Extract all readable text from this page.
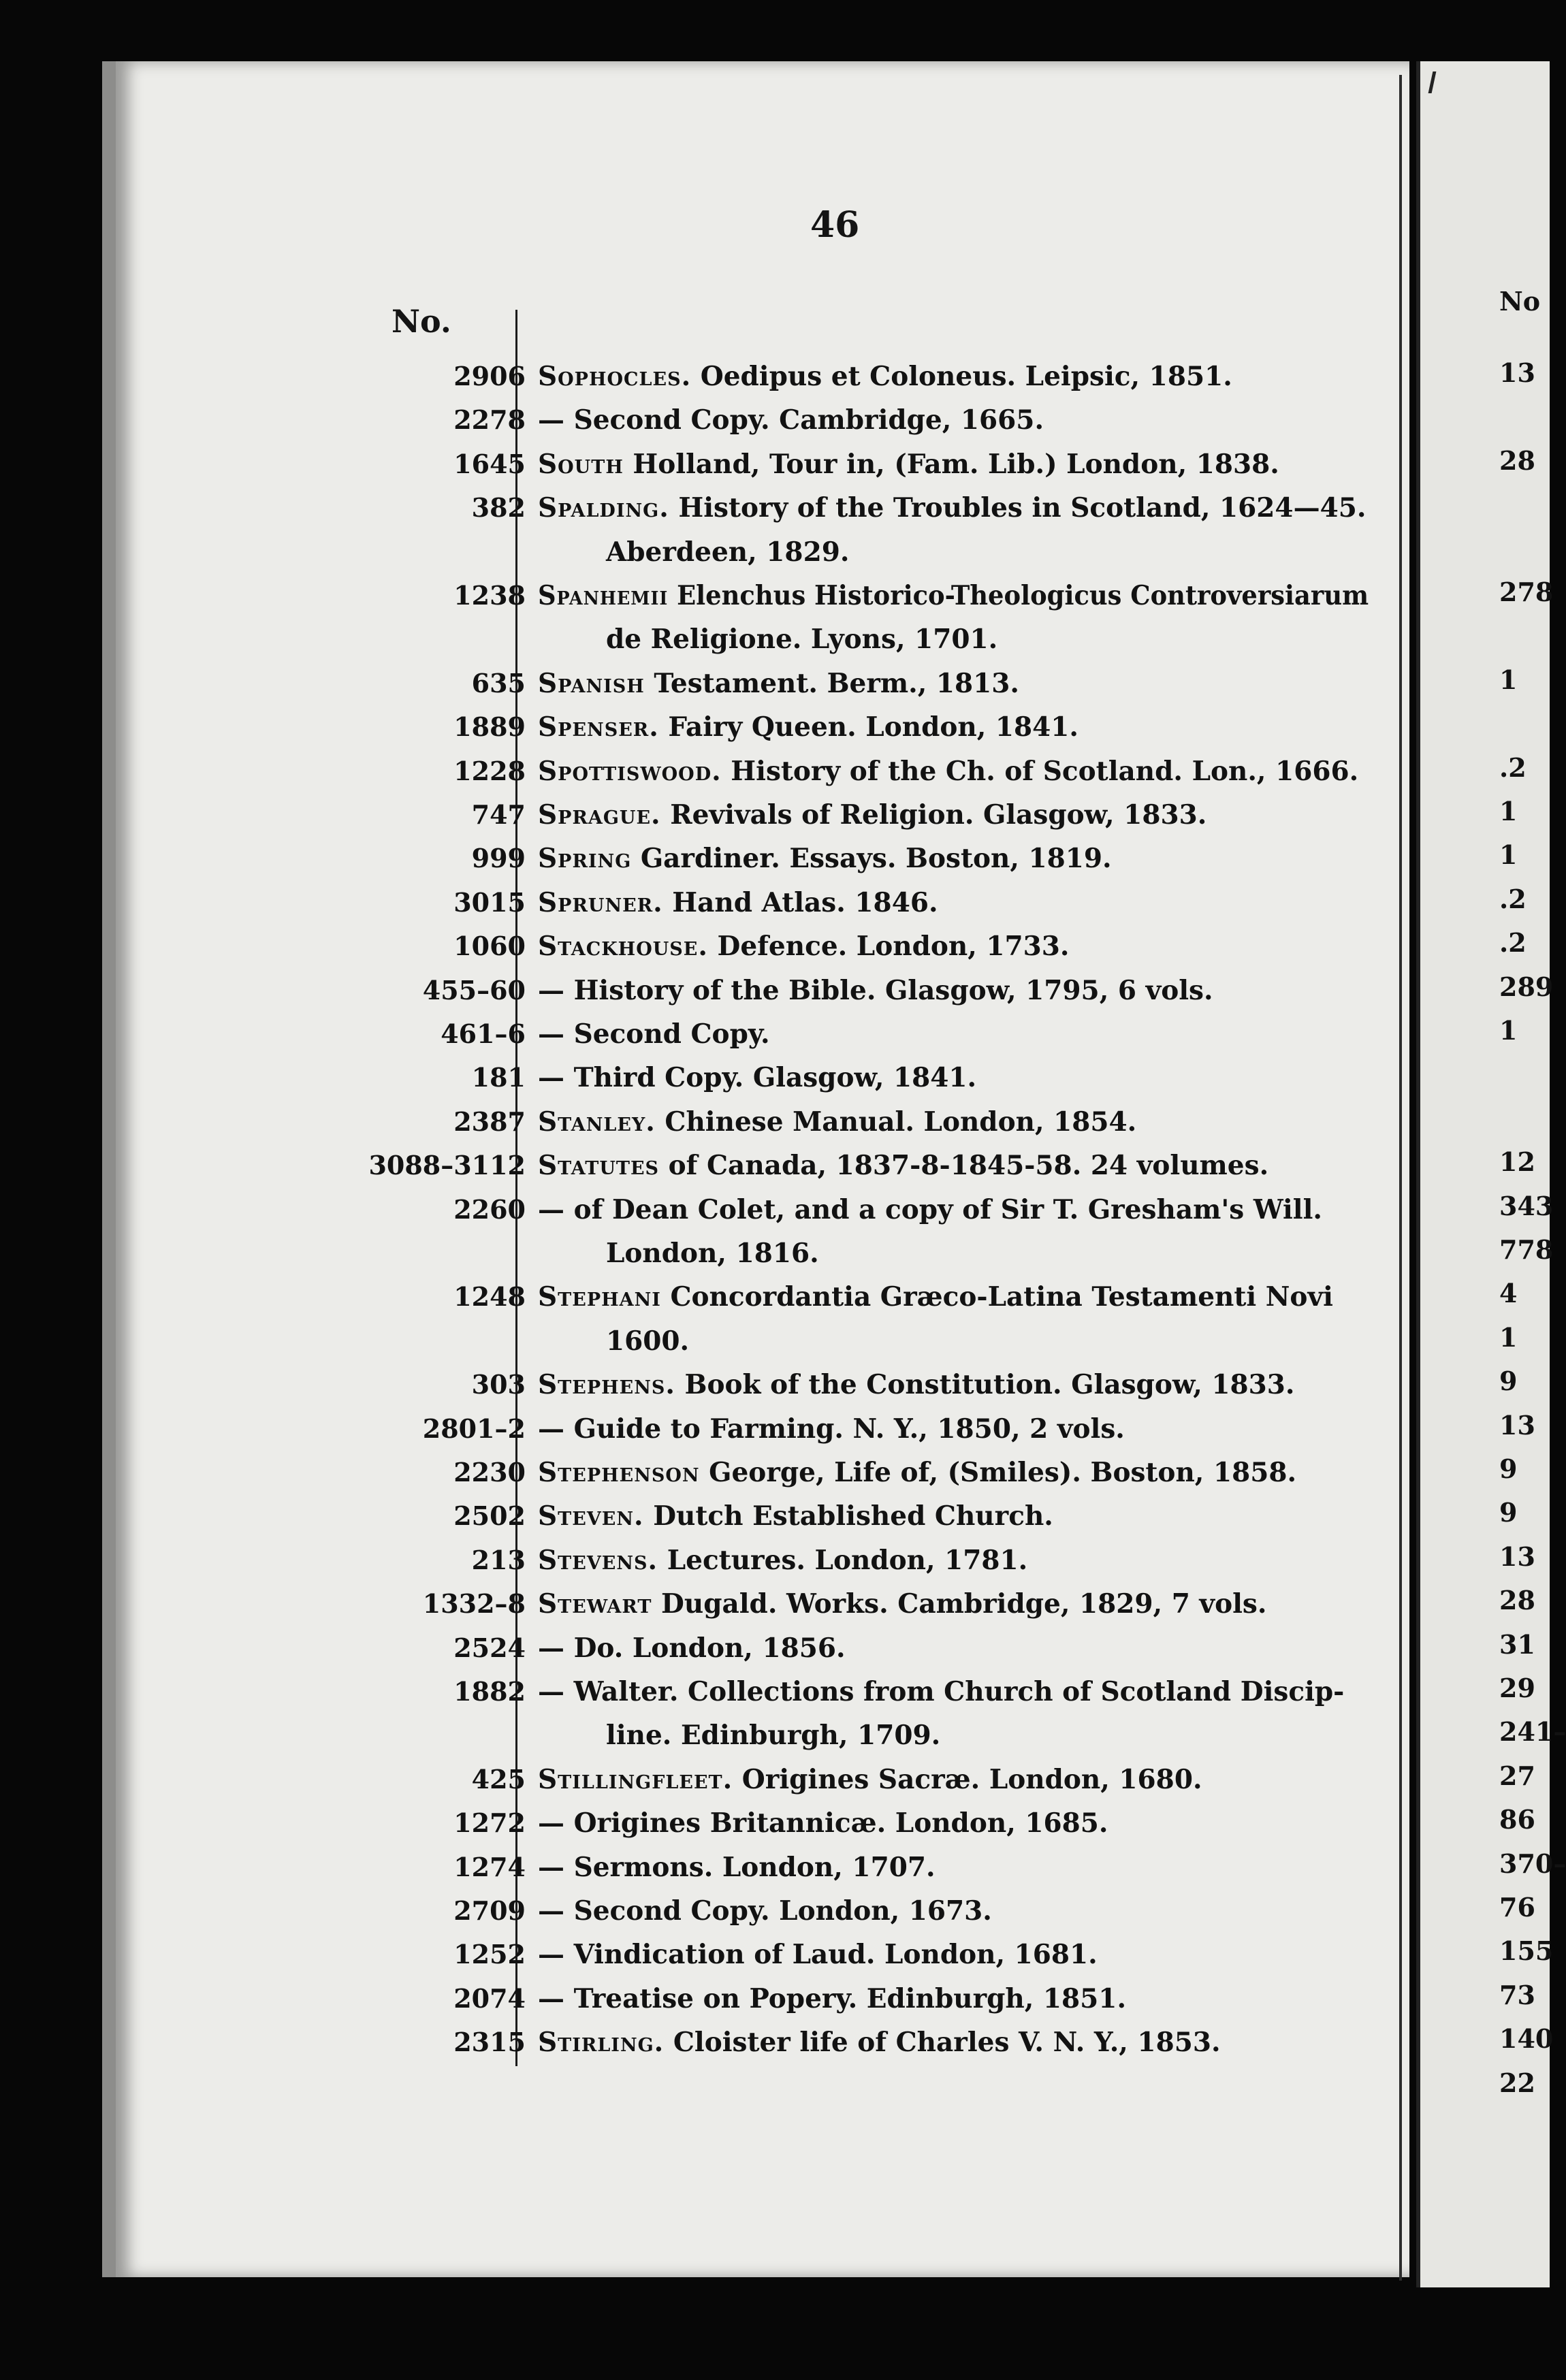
46
No.
2906 Sophocles. Oedipus et Coloneus. Leipsic, 1851.
2278 — Second Copy. Cambridge, 1665.
1645 South Holland, Tour in, (Fam. Lib.) London, 1838.
382 Spalding. History of the Troubles in Scotland, 1624—45.
Aberdeen, 1829.
1238 Spanhemii Elenchus Historico-Theologicus Controversiarum
de Religione. Lyons, 1701.
635 Spanish Testament. Berm., 1813.
1889 Spenser. Fairy Queen. London, 1841.
1228 Spottiswood. History of the Ch. of Scotland. Lon., 1666.
747 Sprague. Revivals of Religion. Glasgow, 1833.
999 Spring Gardiner. Essays. Boston, 1819.
3015 Spruner. Hand Atlas. 1846.
1060 Stackhouse. Defence. London, 1733.
455–60 — History of the Bible. Glasgow, 1795, 6 vols.
461–6 — Second Copy.
181 — Third Copy. Glasgow, 1841.
2387 Stanley. Chinese Manual. London, 1854.
3088–3112 Statutes of Canada, 1837-8-1845-58. 24 volumes.
2260 — of Dean Colet, and a copy of Sir T. Gresham's Will.
London, 1816.
1248 Stephani Concordantia Græco-Latina Testamenti Novi
1600.
303 Stephens. Book of the Constitution. Glasgow, 1833.
2801–2 — Guide to Farming. N. Y., 1850, 2 vols.
2230 Stephenson George, Life of, (Smiles). Boston, 1858.
2502 Steven. Dutch Established Church.
213 Stevens. Lectures. London, 1781.
1332–8 Stewart Dugald. Works. Cambridge, 1829, 7 vols.
2524 — Do. London, 1856.
1882 — Walter. Collections from Church of Scotland Discip-
line. Edinburgh, 1709.
425 Stillingfleet. Origines Sacræ. London, 1680.
1272 — Origines Britannicæ. London, 1685.
1274 — Sermons. London, 1707.
2709 — Second Copy. London, 1673.
1252 — Vindication of Laud. London, 1681.
2074 — Treatise on Popery. Edinburgh, 1851.
2315 Stirling. Cloister life of Charles V. N. Y., 1853.
No
13
28
278
1
.2
1
1
.2
.2
289
1
12
343
778
4
1
9
13
9
9
13
28
31
29
241–
27
86
370–
76
155
73
140
22
